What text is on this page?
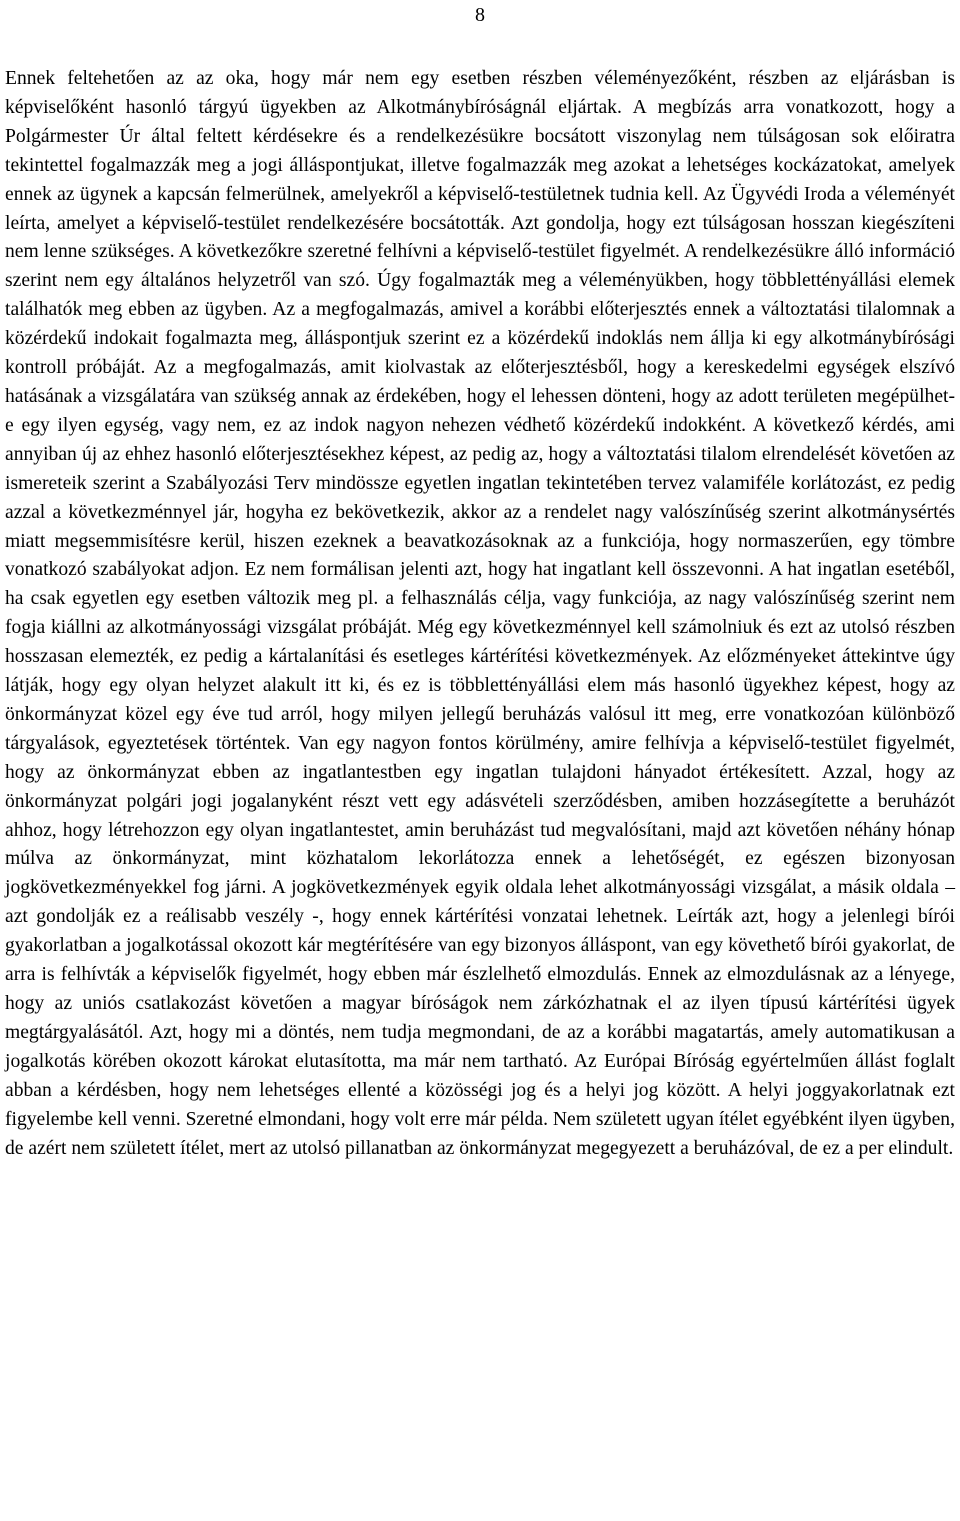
8

Ennek feltehetően az az oka, hogy már nem egy esetben részben véleményezőként, részben az eljárásban is képviselőként hasonló tárgyú ügyekben az Alkotmánybíróságnál eljártak. A megbízás arra vonatkozott, hogy a Polgármester Úr által feltett kérdésekre és a rendelkezésükre bocsátott viszonylag nem túlságosan sok előiratra tekintettel fogalmazzák meg a jogi álláspontjukat, illetve fogalmazzák meg azokat a lehetséges kockázatokat, amelyek ennek az ügynek a kapcsán felmerülnek, amelyekről a képviselő-testületnek tudnia kell. Az Ügyvédi Iroda a véleményét leírta, amelyet a képviselő-testület rendelkezésére bocsátották. Azt gondolja, hogy ezt túlságosan hosszan kiegészíteni nem lenne szükséges. A következőkre szeretné felhívni a képviselő-testület figyelmét. A rendelkezésükre álló információ szerint nem egy általános helyzetről van szó. Úgy fogalmazták meg a véleményükben, hogy többlettényállási elemek találhatók meg ebben az ügyben. Az a megfogalmazás, amivel a korábbi előterjesztés ennek a változtatási tilalomnak a közérdekű indokait fogalmazta meg, álláspontjuk szerint ez a közérdekű indoklás nem állja ki egy alkotmánybírósági kontroll próbáját. Az a megfogalmazás, amit kiolvastak az előterjesztésből, hogy a kereskedelmi egységek elszívó hatásának a vizsgálatára van szükség annak az érdekében, hogy el lehessen dönteni, hogy az adott területen megépülhet-e egy ilyen egység, vagy nem, ez az indok nagyon nehezen védhető közérdekű indokként. A következő kérdés, ami annyiban új az ehhez hasonló előterjesztésekhez képest, az pedig az, hogy a változtatási tilalom elrendelését követően az ismereteik szerint a Szabályozási Terv mindössze egyetlen ingatlan tekintetében tervez valamiféle korlátozást, ez pedig azzal a következménnyel jár, hogyha ez bekövetkezik, akkor az a rendelet nagy valószínűség szerint alkotmánysértés miatt megsemmisítésre kerül, hiszen ezeknek a beavatkozásoknak az a funkciója, hogy normaszerűen, egy tömbre vonatkozó szabályokat adjon. Ez nem formálisan jelenti azt, hogy hat ingatlant kell összevonni. A hat ingatlan esetéből, ha csak egyetlen egy esetben változik meg pl. a felhasználás célja, vagy funkciója, az nagy valószínűség szerint nem fogja kiállni az alkotmányossági vizsgálat próbáját. Még egy következménnyel kell számolniuk és ezt az utolsó részben hosszasan elemezték, ez pedig a kártalanítási és esetleges kártérítési következmények. Az előzményeket áttekintve úgy látják, hogy egy olyan helyzet alakult itt ki, és ez is többlettényállási elem más hasonló ügyekhez képest, hogy az önkormányzat közel egy éve tud arról, hogy milyen jellegű beruházás valósul itt meg, erre vonatkozóan különböző tárgyalások, egyeztetések történtek. Van egy nagyon fontos körülmény, amire felhívja a képviselő-testület figyelmét, hogy az önkormányzat ebben az ingatlantestben egy ingatlan tulajdoni hányadot értékesített. Azzal, hogy az önkormányzat polgári jogi jogalanyként részt vett egy adásvételi szerződésben, amiben hozzásegítette a beruházót ahhoz, hogy létrehozzon egy olyan ingatlantestet, amin beruházást tud megvalósítani, majd azt követően néhány hónap múlva az önkormányzat, mint közhatalom lekorlátozza ennek a lehetőségét, ez egészen bizonyosan jogkövetkezményekkel fog járni. A jogkövetkezmények egyik oldala lehet alkotmányossági vizsgálat, a másik oldala – azt gondolják ez a reálisabb veszély -, hogy ennek kártérítési vonzatai lehetnek. Leírták azt, hogy a jelenlegi bírói gyakorlatban a jogalkotással okozott kár megtérítésére van egy bizonyos álláspont, van egy követhető bírói gyakorlat, de arra is felhívták a képviselők figyelmét, hogy ebben már észlelhető elmozdulás. Ennek az elmozdulásnak az a lényege, hogy az uniós csatlakozást követően a magyar bíróságok nem zárkózhatnak el az ilyen típusú kártérítési ügyek megtárgyalásától. Azt, hogy mi a döntés, nem tudja megmondani, de az a korábbi magatartás, amely automatikusan a jogalkotás körében okozott károkat elutasította, ma már nem tartható. Az Európai Bíróság egyértelműen állást foglalt abban a kérdésben, hogy nem lehetséges ellenté a közösségi jog és a helyi jog között. A helyi joggyakorlatnak ezt figyelembe kell venni. Szeretné elmondani, hogy volt erre már példa. Nem született ugyan ítélet egyébként ilyen ügyben, de azért nem született ítélet, mert az utolsó pillanatban az önkormányzat megegyezett a beruházóval, de ez a per elindult.
